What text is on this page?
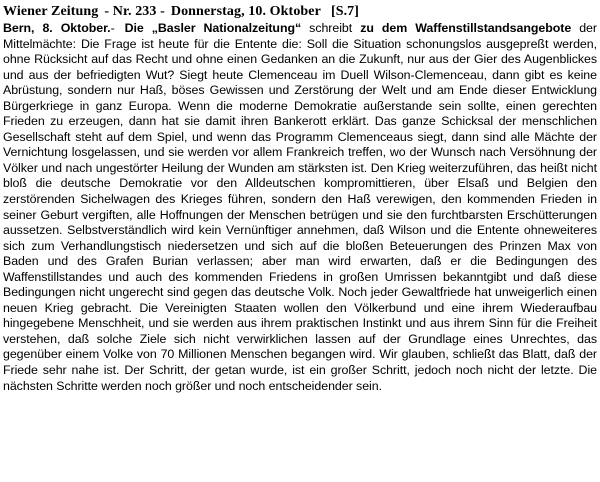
Wiener Zeitung - Nr. 233 - Donnerstag, 10. Oktober [S.7]
Bern, 8. Oktober.- Die „Basler Nationalzeitung“ schreibt zu dem Waffenstillstandsangebote der Mittelmächte: Die Frage ist heute für die Entente die: Soll die Situation schonungslos ausgepreßt werden, ohne Rücksicht auf das Recht und ohne einen Gedanken an die Zukunft, nur aus der Gier des Augenblickes und aus der befriedigten Wut? Siegt heute Clemenceau im Duell Wilson-Clemenceau, dann gibt es keine Abrüstung, sondern nur Haß, böses Gewissen und Zerstörung der Welt und am Ende dieser Entwicklung Bürgerkriege in ganz Europa. Wenn die moderne Demokratie außerstande sein sollte, einen gerechten Frieden zu erzeugen, dann hat sie damit ihren Bankerott erklärt. Das ganze Schicksal der menschlichen Gesellschaft steht auf dem Spiel, und wenn das Programm Clemenceaus siegt, dann sind alle Mächte der Vernichtung losgelassen, und sie werden vor allem Frankreich treffen, wo der Wunsch nach Versöhnung der Völker und nach ungestörter Heilung der Wunden am stärksten ist. Den Krieg weiterzuführen, das heißt nicht bloß die deutsche Demokratie vor den Alldeutschen kompromittieren, über Elsaß und Belgien den zerstörenden Sichelwagen des Krieges führen, sondern den Haß verewigen, den kommenden Frieden in seiner Geburt vergiften, alle Hoffnungen der Menschen betrügen und sie den furchtbarsten Erschütterungen aussetzen. Selbstverständlich wird kein Vernünftiger annehmen, daß Wilson und die Entente ohneweiteres sich zum Verhandlungstisch niedersetzen und sich auf die bloßen Beteuerungen des Prinzen Max von Baden und des Grafen Burian verlassen; aber man wird erwarten, daß er die Bedingungen des Waffenstillstandes und auch des kommenden Friedens in großen Umrissen bekanntgibt und daß diese Bedingungen nicht ungerecht sind gegen das deutsche Volk. Noch jeder Gewaltfriede hat unweigerlich einen neuen Krieg gebracht. Die Vereinigten Staaten wollen den Völkerbund und eine ihrem Wiederaufbau hingegebene Menschheit, und sie werden aus ihrem praktischen Instinkt und aus ihrem Sinn für die Freiheit verstehen, daß solche Ziele sich nicht verwirklichen lassen auf der Grundlage eines Unrechtes, das gegenüber einem Volke von 70 Millionen Menschen begangen wird. Wir glauben, schließt das Blatt, daß der Friede sehr nahe ist. Der Schritt, der getan wurde, ist ein großer Schritt, jedoch noch nicht der letzte. Die nächsten Schritte werden noch größer und noch entscheidender sein.
